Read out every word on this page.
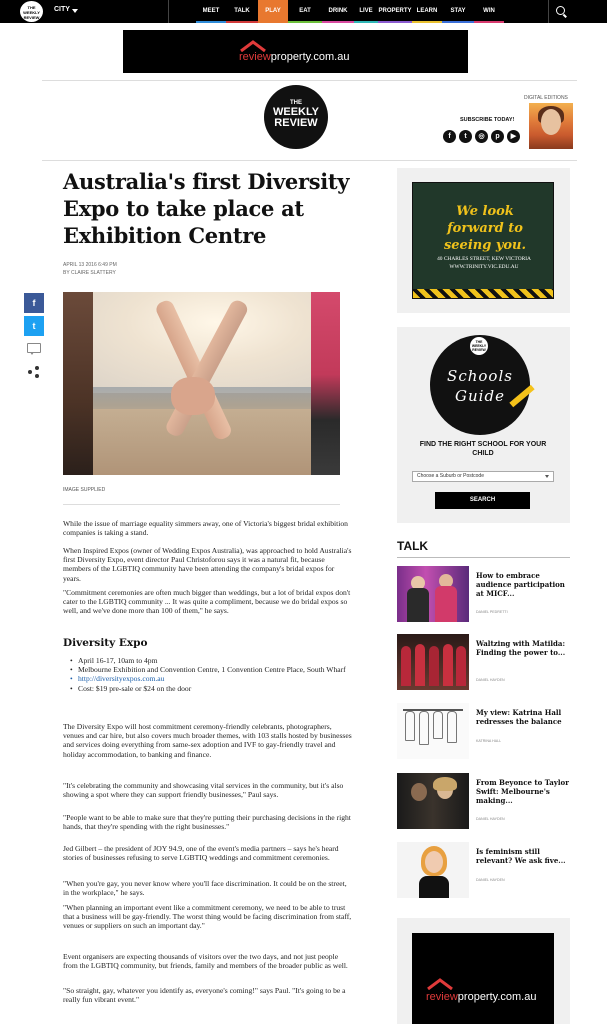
THE WEEKLY REVIEW
CITY	MEET	TALK	PLAY	EAT	DRINK	LIVE PROPERTY LEARN	STAY	WIN
reviewproperty.com.au
THE
WEEKLY
REVIEW
DIGITAL EDITIONS
SUBSCRIBE TODAY!
f	t	◎	p	▶
Australia's first Diversity Expo to take place at Exhibition Centre
APRIL 13 2016 6:49 PM
BY CLAIRE SLATTERY
f
t
IMAGE SUPPLIED

While the issue of marriage equality simmers away, one of Victoria's biggest bridal exhibition companies is taking a stand.

When Inspired Expos (owner of Wedding Expos Australia), was approached to hold Australia's first Diversity Expo, event director Paul Christoforou says it was a natural fit, because members of the LGBTIQ community have been attending the company's bridal expos for years.

"Commitment ceremonies are often much bigger than weddings, but a lot of bridal expos don't cater to the LGBTIQ community ... It was quite a compliment, because we do bridal expos so well, and we've done more than 100 of them," he says.

Diversity Expo
• April 16-17, 10am to 4pm
• Melbourne Exhibition and Convention Centre, 1 Convention Centre Place, South Wharf
• http://diversityexpos.com.au
• Cost: $19 pre-sale or $24 on the door

The Diversity Expo will host commitment ceremony-friendly celebrants, photographers, venues and car hire, but also covers much broader themes, with 103 stalls hosted by businesses and services doing everything from same-sex adoption and IVF to gay-friendly travel and holiday accommodation, to banking and finance.

"It's celebrating the community and showcasing vital services in the community, but it's also showing a spot where they can support friendly businesses," Paul says.

"People want to be able to make sure that they're putting their purchasing decisions in the right hands, that they're spending with the right businesses."

Jed Gilbert – the president of JOY 94.9, one of the event's media partners – says he's heard stories of businesses refusing to serve LGBTIQ weddings and commitment ceremonies.

"When you're gay, you never know where you'll face discrimination. It could be on the street, in the workplace," he says.

"When planning an important event like a commitment ceremony, we need to be able to trust that a business will be gay-friendly. The worst thing would be facing discrimination from staff, venues or suppliers on such an important day."

Event organisers are expecting thousands of visitors over the two days, and not just people from the LGBTIQ community, but friends, family and members of the broader public as well.

"So straight, gay, whatever you identify as, everyone's coming!" says Paul. "It's going to be a really fun vibrant event."

We look forward to seeing you.
40 CHARLES STREET, KEW VICTORIA
WWW.TRINITY.VIC.EDU.AU
THE WEEKLY REVIEW
Schools
Guide
FIND THE RIGHT SCHOOL FOR YOUR CHILD
Choose a Suburb or Postcode
SEARCH
TALK
How to embrace audience participation at MICF...
DANIEL PEDRETTI
Waltzing with Matilda: Finding the power to...
DANIEL HAYDEN
My view: Katrina Hall redresses the balance
KATRINA HALL
From Beyonce to Taylor Swift: Melbourne's making...
DANIEL HAYDEN
Is feminism still relevant? We ask five...
DANIEL HAYDEN
reviewproperty.com.au
